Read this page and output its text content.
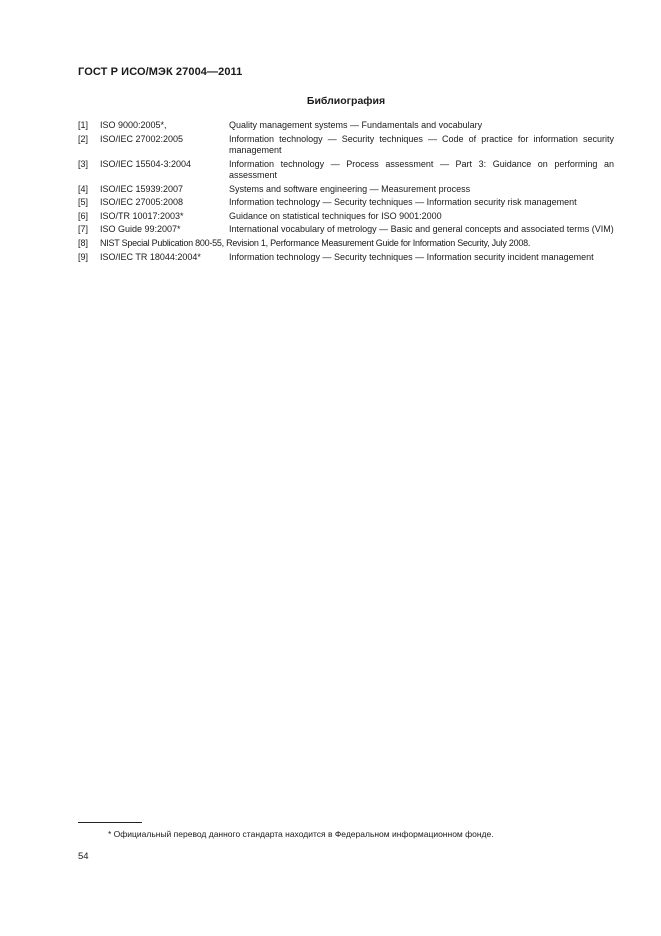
ГОСТ Р ИСО/МЭК 27004—2011
Библиография
[1]	ISO 9000:2005*,	Quality management systems — Fundamentals and vocabulary
[2]	ISO/IEC 27002:2005	Information technology — Security techniques — Code of practice for information security management
[3]	ISO/IEC 15504-3:2004	Information technology — Process assessment — Part 3: Guidance on performing an assessment
[4]	ISO/IEC 15939:2007	Systems and software engineering — Measurement process
[5]	ISO/IEC 27005:2008	Information technology — Security techniques — Information security risk management
[6]	ISO/TR 10017:2003*	Guidance on statistical techniques for ISO 9001:2000
[7]	ISO Guide 99:2007*	International vocabulary of metrology — Basic and general concepts and associated terms (VIM)
[8]	NIST Special Publication 800-55, Revision 1, Performance Measurement Guide for Information Security, July 2008.
[9]	ISO/IEC TR 18044:2004*	Information technology — Security techniques — Information security incident management
* Официальный перевод данного стандарта находится в Федеральном информационном фонде.
54
